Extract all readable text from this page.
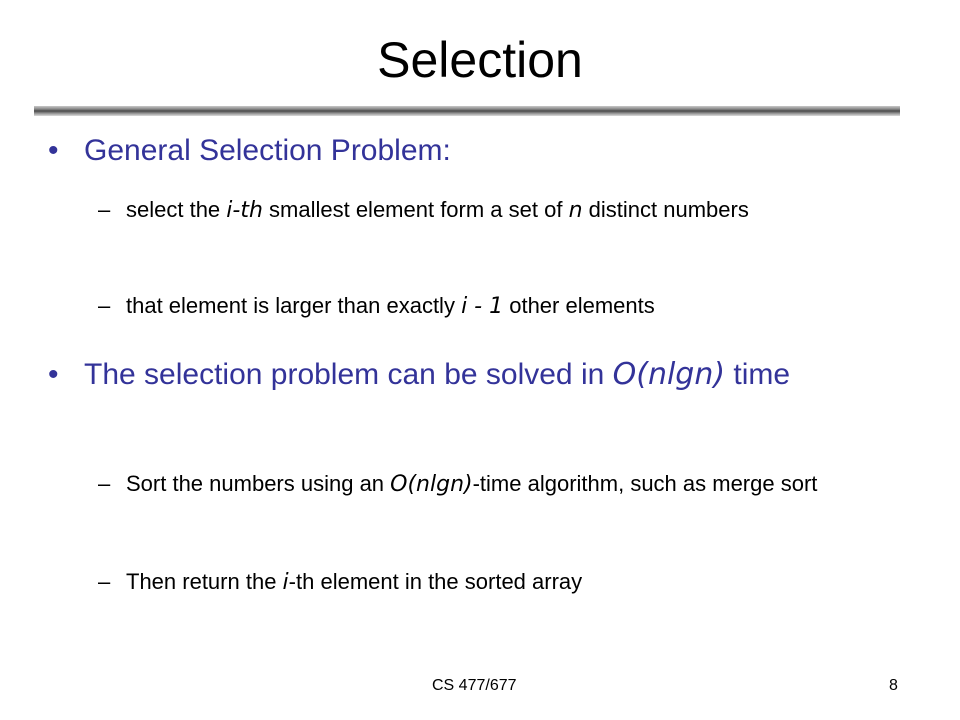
Selection
• General Selection Problem:
– select the i-th smallest element form a set of n distinct numbers
– that element is larger than exactly i - 1 other elements
• The selection problem can be solved in O(nlgn) time
– Sort the numbers using an O(nlgn)-time algorithm, such as merge sort
– Then return the i-th element in the sorted array
CS 477/677	8
